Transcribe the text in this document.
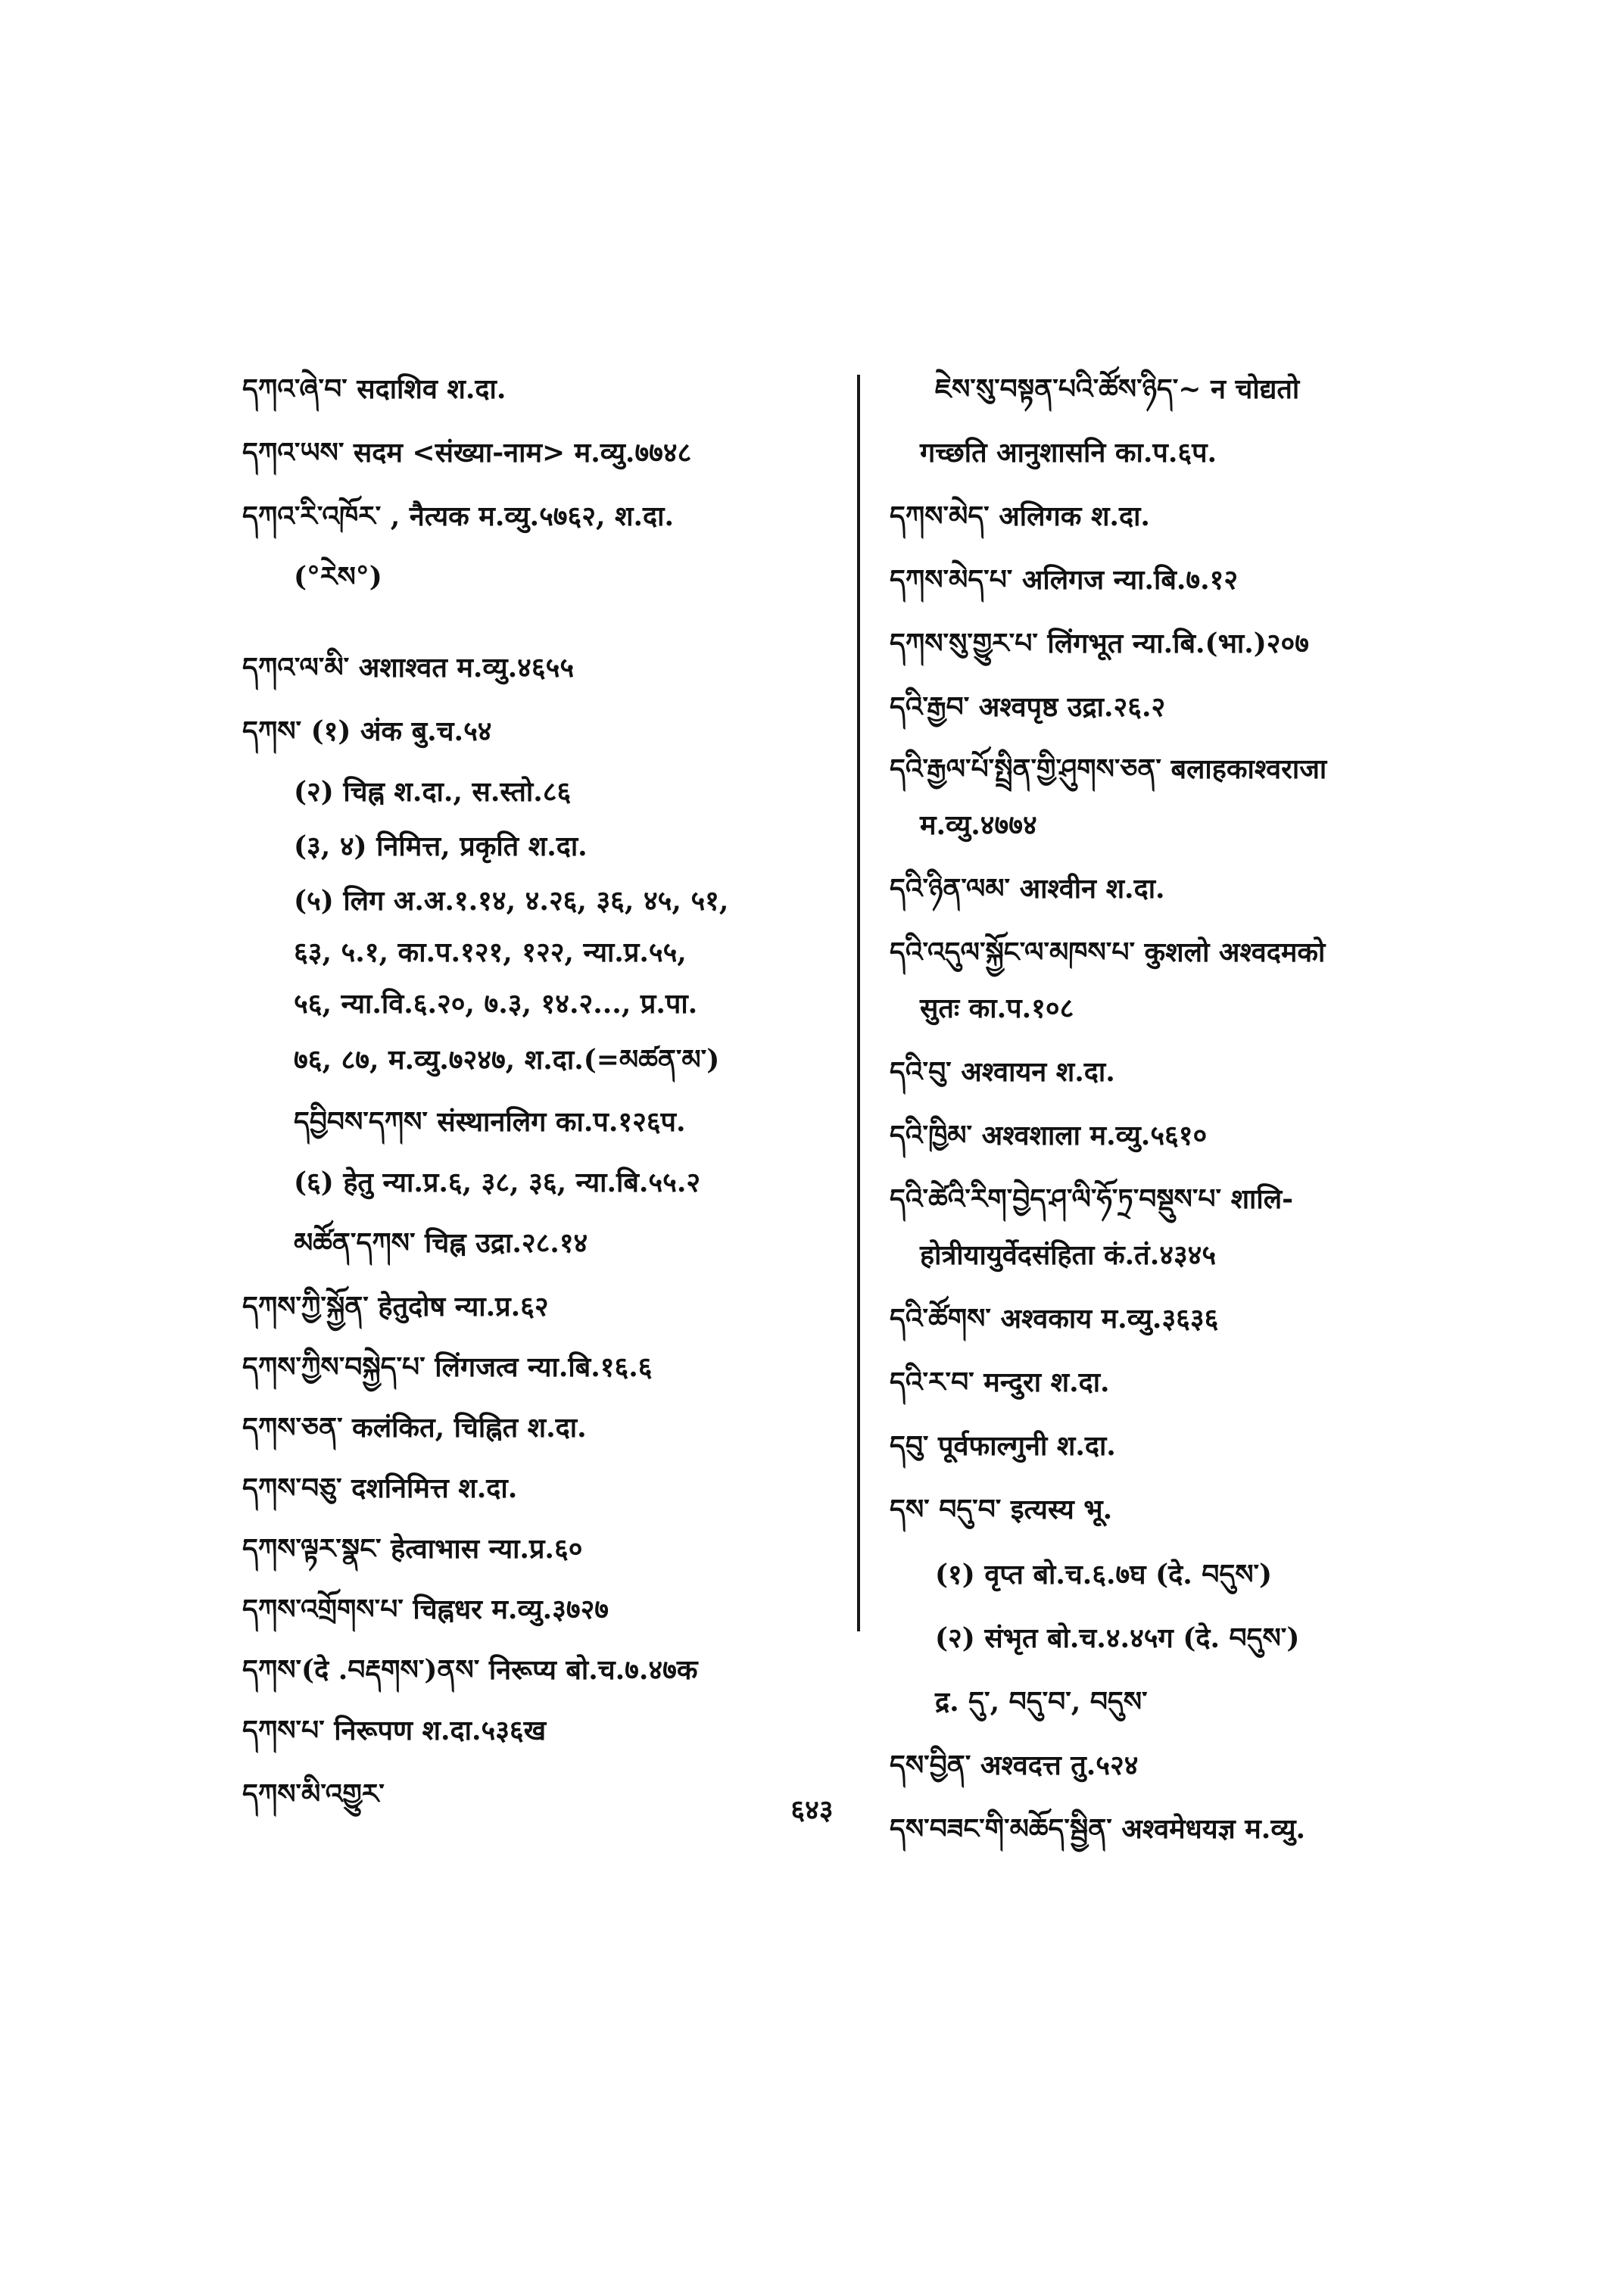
དཀའ་ཞེ་བ་ सदाशिव श.दा.
དཀའ་ཡས་ सदम <संख्या-नाम> म.व्यु.७७४८
དཀའ་རི་འཁོར་ , नैत्यक म.व्यु.५७६२, श.दा.
(°རེས°)
དཀའ་ལ་མི་ अशाश्वत म.व्यु.४६५५
དཀས་ (१) अंक बु.च.५४
(२) चिह्न श.दा., स.स्तो.८६
(३, ४) निमित्त, प्रकृति श.दा.
(५) लिग अ.अ.१.१४, ४.२६, ३६, ४५, ५१,
६३, ५.१, का.प.१२१, १२२, न्या.प्र.५५,
५६, न्या.वि.६.२०, ७.३, १४.२..., प्र.पा.
७६, ८७, म.व्यु.७२४७, श.दा.(=མཚན་མ་)
དབྱིབས་དཀས་ संस्थानलिग का.प.१२६प.
(६) हेतु न्या.प्र.६, ३८, ३६, न्या.बि.५५.२
མཚོན་དཀས་ चिह्न उद्रा.२८.१४
དཀས་ཀྱི་སྐྱོན་ हेतुदोष न्या.प्र.६२
དཀས་ཀྱིས་བསྐྱེད་པ་ लिंगजत्व न्या.बि.१६.६
དཀས་ཅན་ कलंकित, चिह्नित श.दा.
དཀས་བཅུ་ दशनिमित्त श.दा.
དཀས་ལྟར་སྣང་ हेत्वाभास न्या.प्र.६०
དཀས་འགྲོགས་པ་ चिह्नधर म.व्यु.३७२७
དཀས་(दे .བརྡགས་)ནས་ निरूप्य बो.च.७.४७क
དཀས་པ་ निरूपण श.दा.५३६ख
དཀས་མི་འགྱུར་
ཇེས་སུ་བསྟན་པའི་ཚོས་ཉིད་~ न चोद्यतो
गच्छति आनुशासनि का.प.६प.
དཀས་མེད་ अलिगक श.दा.
དཀས་མེད་པ་ अलिगज न्या.बि.७.१२
དཀས་སུ་གྱུར་པ་ लिंगभूत न्या.बि.(भा.)२०७
དའི་རྒྱབ་ अश्वपृष्ठ उद्रा.२६.२
དའི་རྒྱལ་པོ་སྤྲིན་གྱི་ཤུགས་ཅན་ बलाहकाश्वराजा
म.व्यु.४७७४
དའི་ཉིན་ལམ་ आश्वीन श.दा.
དའི་འདུལ་སྐྱོང་ལ་མཁས་པ་ कुशलो अश्वदमको
सुतः का.प.१०८
དའི་བུ་ अश्वायन श.दा.
དའི་ཁྱིམ་ अश्वशाला म.व्यु.५६१०
དའི་ཚེའི་རིག་བྱེད་ཤ་ལི་ཧོ་ཏྲ་བསྡུས་པ་ शालि-
होत्रीयायुर्वेदसंहिता कं.तं.४३४५
དའི་ཚོགས་ अश्वकाय म.व्यु.३६३६
དའི་ར་བ་ मन्दुरा श.दा.
དབུ་ पूर्वफाल्गुनी श.दा.
དས་ བདུ་བ་ इत्यस्य भू.
(१) वृप्त बो.च.६.७घ (दे. བདུས་)
(२) संभृत बो.च.४.४५ग (दे. བདུས་)
द्र. དུ་, བདུ་བ་, བདུས་
དས་བྱིན་ अश्वदत्त तु.५२४
དས་བཟང་གི་མཆོད་སྦྱིན་ अश्वमेधयज्ञ म.व्यु.
६४३
